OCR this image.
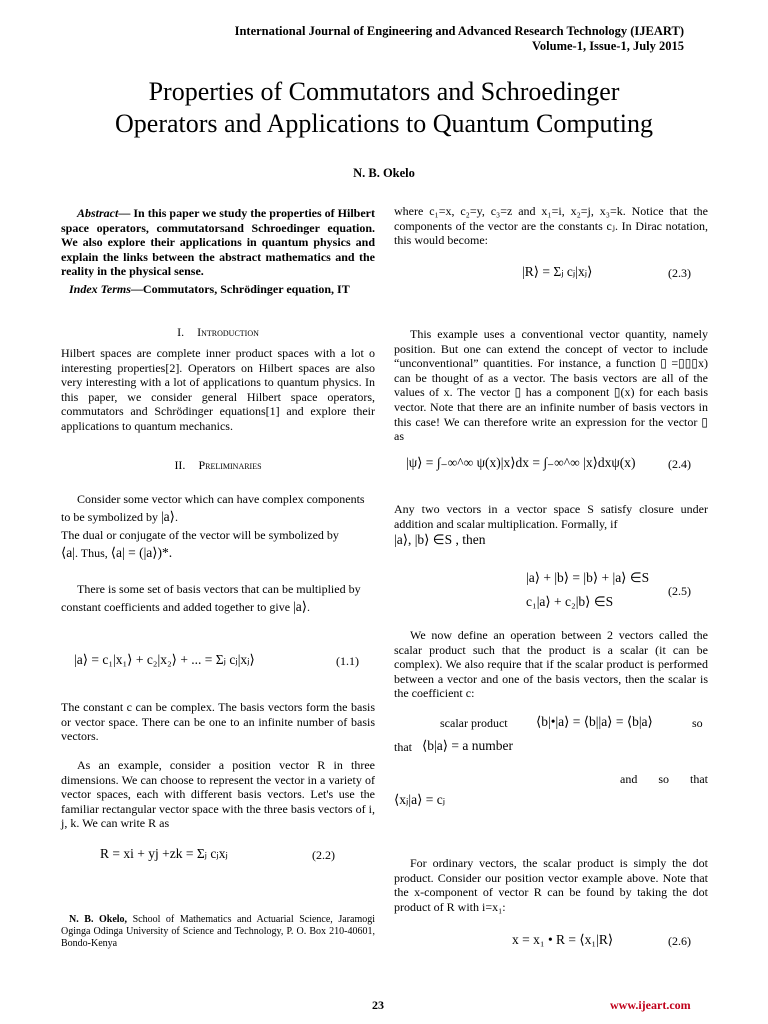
International Journal of Engineering and Advanced Research Technology (IJEART)
Volume-1, Issue-1, July 2015
Properties of Commutators and Schroedinger
Operators and Applications to Quantum Computing
N. B. Okelo
Abstract— In this paper we study the properties of Hilbert space operators, commutatorsand Schroedinger equation. We also explore their applications in quantum physics and explain the links between the abstract mathematics and the reality in the physical sense.
Index Terms—Commutators, Schrödinger equation, IT
I. Introduction
Hilbert spaces are complete inner product spaces with a lot o interesting properties[2]. Operators on Hilbert spaces are also very interesting with a lot of applications to quantum physics. In this paper, we consider general Hilbert space operators, commutators and Schrödinger equations[1] and explore their applications to quantum mechanics.
II. Preliminaries
Consider some vector which can have complex components
to be symbolized by |a⟩.
The dual or conjugate of the vector will be symbolized by
⟨a|. Thus, ⟨a| = (|a⟩)*.
There is some set of basis vectors that can be multiplied by
constant coefficients and added together to give |a⟩.
|a⟩ = c₁|x₁⟩ + c₂|x₂⟩ + ... = Σⱼ cⱼ|xⱼ⟩	(1.1)
The constant c can be complex. The basis vectors form the basis or vector space. There can be one to an infinite number of basis vectors.
As an example, consider a position vector R in three dimensions. We can choose to represent the vector in a variety of vector spaces, each with different basis vectors. Let's use the familiar rectangular vector space with the three basis vectors of i, j, k. We can write R as
R = xi + yj +zk = Σⱼ cⱼxⱼ	(2.2)
N. B. Okelo, School of Mathematics and Actuarial Science, Jaramogi Oginga Odinga University of Science and Technology, P. O. Box 210-40601, Bondo-Kenya
where c₁=x, c₂=y, c₃=z and x₁=i, x₂=j, x₃=k. Notice that the components of the vector are the constants cⱼ. In Dirac notation, this would become:
|R⟩ = Σⱼ cⱼ|xⱼ⟩	(2.3)
This example uses a conventional vector quantity, namely position. But one can extend the concept of vector to include “unconventional” quantities. For instance, a function ▯ =▯▯▯x) can be thought of as a vector. The basis vectors are all of the values of x. The vector ▯ has a component ▯(x) for each basis vector. Note that there are an infinite number of basis vectors in this case! We can therefore write an expression for the vector ▯ as
|ψ⟩ = ∫₋∞^∞ ψ(x)|x⟩dx = ∫₋∞^∞ |x⟩dxψ(x)	(2.4)
Any two vectors in a vector space S satisfy closure under addition and scalar multiplication. Formally, if
|a⟩, |b⟩ ∈S , then
|a⟩ + |b⟩ = |b⟩ + |a⟩ ∈S
c₁|a⟩ + c₂|b⟩ ∈S
(2.5)
We now define an operation between 2 vectors called the scalar product such that the product is a scalar (it can be complex). We also require that if the scalar product is performed between a vector and one of the basis vectors, then the scalar is the coefficient c:
scalar product ⟨b|•|a⟩ = ⟨b||a⟩ = ⟨b|a⟩	so
that ⟨b|a⟩ = a number
and so that
⟨xⱼ|a⟩ = cⱼ
For ordinary vectors, the scalar product is simply the dot product. Consider our position vector example above. Note that the x-component of vector R can be found by taking the dot product of R with i=x₁:
x = x₁ • R = ⟨x₁|R⟩	(2.6)
23	www.ijeart.com
